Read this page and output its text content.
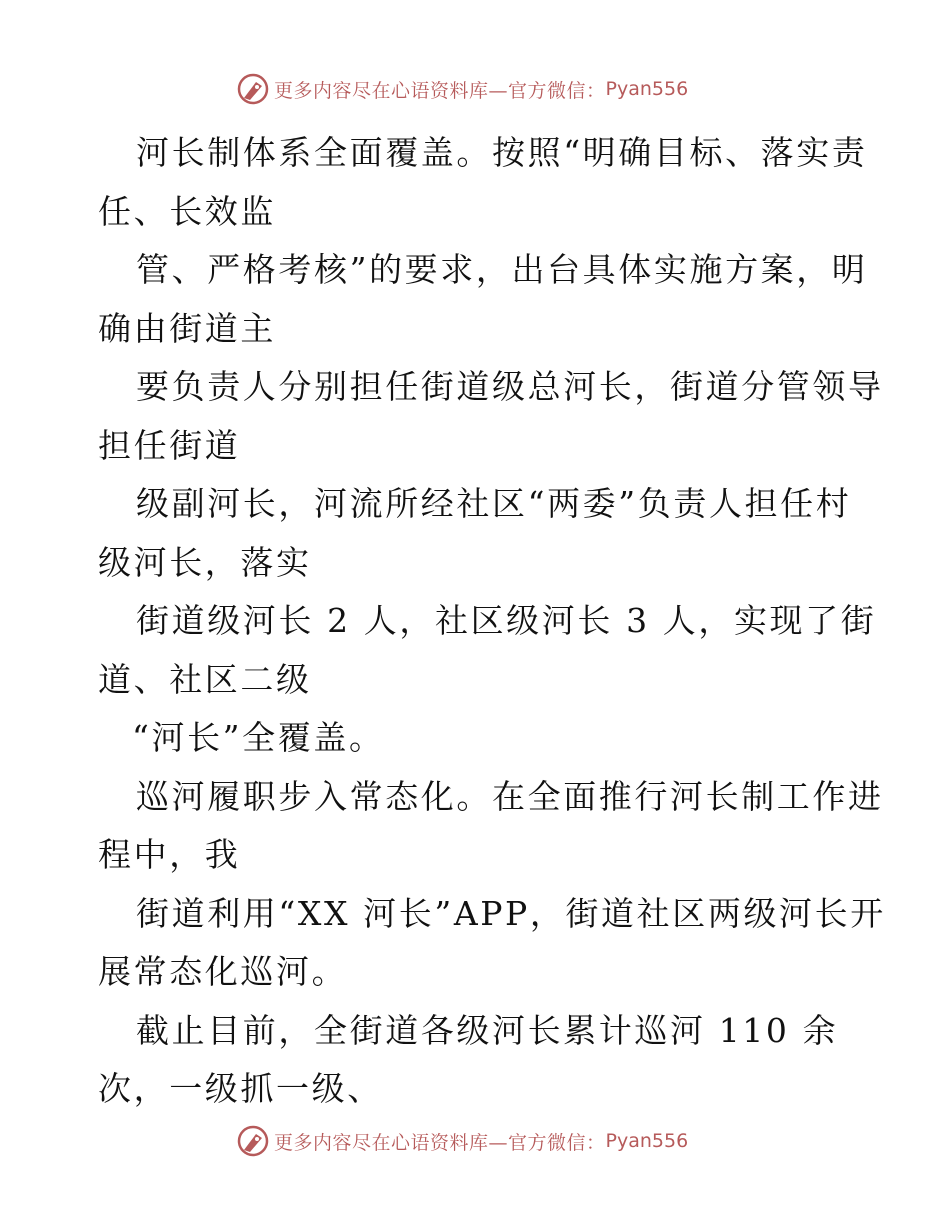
更多内容尽在心语资料库—官方微信： Pyan556
河长制体系全面覆盖。按照“明确目标、落实责
任、长效监
管、严格考核”的要求，出台具体实施方案，明
确由街道主
要负责人分别担任街道级总河长，街道分管领导
担任街道
级副河长，河流所经社区“两委”负责人担任村
级河长，落实
街道级河长 2 人，社区级河长 3 人，实现了街
道、社区二级
“河长”全覆盖。
巡河履职步入常态化。在全面推行河长制工作进
程中，我
街道利用“XX 河长”APP，街道社区两级河长开
展常态化巡河。
截止目前，全街道各级河长累计巡河 110 余
次，一级抓一级、
更多内容尽在心语资料库—官方微信： Pyan556
